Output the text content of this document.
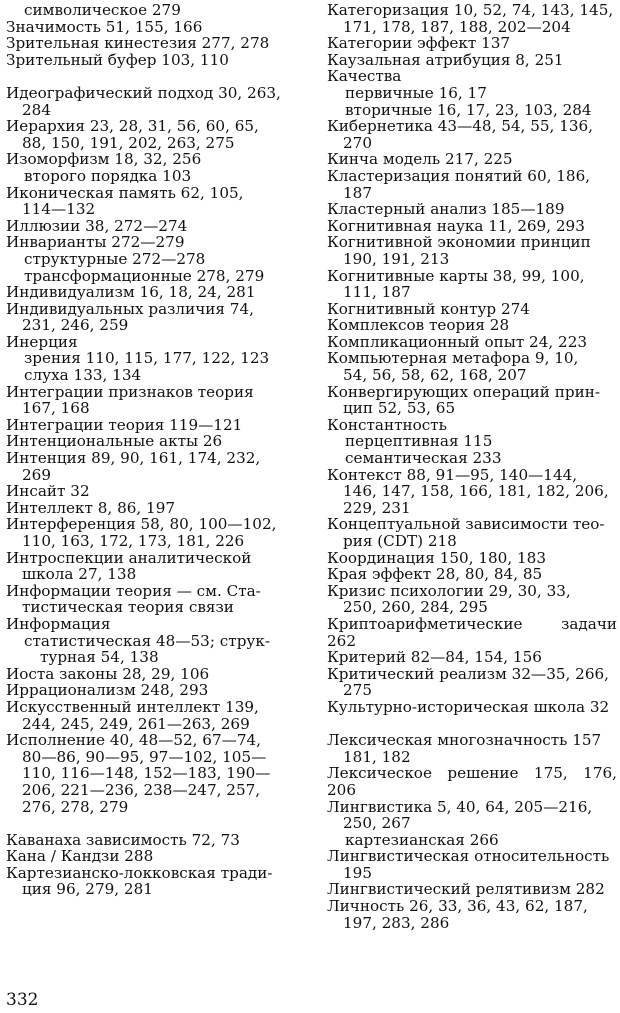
символическое 279
Значимость 51, 155, 166
Зрительная кинестезия 277, 278
Зрительный буфер 103, 110
Идеографический подход 30, 263,
284
Иерархия 23, 28, 31, 56, 60, 65,
88, 150, 191, 202, 263, 275
Изоморфизм 18, 32, 256
второго порядка 103
Иконическая память 62, 105,
114—132
Иллюзии 38, 272—274
Инварианты 272—279
структурные 272—278
трансформационные 278, 279
Индивидуализм 16, 18, 24, 281
Индивидуальных различия 74,
231, 246, 259
Инерция
зрения 110, 115, 177, 122, 123
слуха 133, 134
Интеграции признаков теория
167, 168
Интеграции теория 119—121
Интенциональные акты 26
Интенция 89, 90, 161, 174, 232,
269
Инсайт 32
Интеллект 8, 86, 197
Интерференция 58, 80, 100—102,
110, 163, 172, 173, 181, 226
Интроспекции аналитической
школа 27, 138
Информации теория — см. Ста-
тистическая теория связи
Информация
статистическая 48—53; струк-
турная 54, 138
Иоста законы 28, 29, 106
Иррационализм 248, 293
Искусственный интеллект 139,
244, 245, 249, 261—263, 269
Исполнение 40, 48—52, 67—74,
80—86, 90—95, 97—102, 105—
110, 116—148, 152—183, 190—
206, 221—236, 238—247, 257,
276, 278, 279
Каванаха зависимость 72, 73
Кана / Кандзи 288
Картезианско-локковская тради-
ция 96, 279, 281
Категоризация 10, 52, 74, 143, 145,
171, 178, 187, 188, 202—204
Категории эффект 137
Каузальная атрибуция 8, 251
Качества
первичные 16, 17
вторичные 16, 17, 23, 103, 284
Кибернетика 43—48, 54, 55, 136,
270
Кинча модель 217, 225
Кластеризация понятий 60, 186,
187
Кластерный анализ 185—189
Когнитивная наука 11, 269, 293
Когнитивной экономии принцип
190, 191, 213
Когнитивные карты 38, 99, 100,
111, 187
Когнитивный контур 274
Комплексов теория 28
Компликационный опыт 24, 223
Компьютерная метафора 9, 10,
54, 56, 58, 62, 168, 207
Конвергирующих операций прин-
цип 52, 53, 65
Константность
перцептивная 115
семантическая 233
Контекст 88, 91—95, 140—144,
146, 147, 158, 166, 181, 182, 206,
229, 231
Концептуальной зависимости тео-
рия (CDT) 218
Координация 150, 180, 183
Края эффект 28, 80, 84, 85
Кризис психологии 29, 30, 33,
250, 260, 284, 295
Криптоарифметические задачи 262
Критерий 82—84, 154, 156
Критический реализм 32—35, 266,
275
Культурно-историческая школа 32
Лексическая многозначность 157
181, 182
Лексическое решение 175, 176, 206
Лингвистика 5, 40, 64, 205—216,
250, 267
картезианская 266
Лингвистическая относительность
195
Лингвистический релятивизм 282
Личность 26, 33, 36, 43, 62, 187,
197, 283, 286
332
